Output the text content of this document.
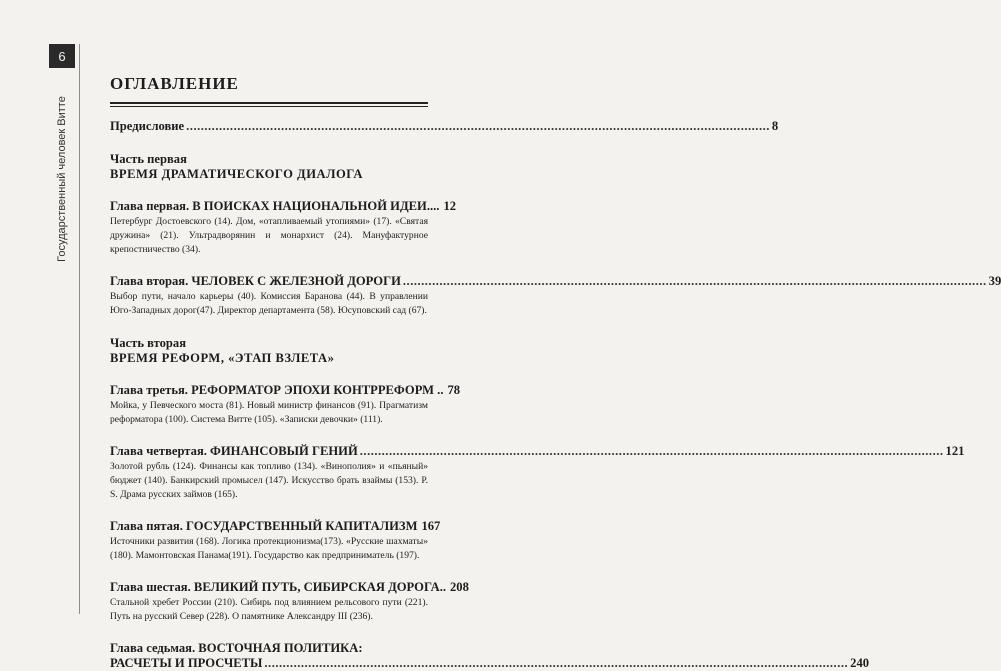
6
Государственный человек Витте
ОГЛАВЛЕНИЕ
Предисловие .....	8
Часть первая
ВРЕМЯ ДРАМАТИЧЕСКОГО ДИАЛОГА
Глава первая. В ПОИСКАХ НАЦИОНАЛЬНОЙ ИДЕИ.... 12
Петербург Достоевского (14). Дом, «отапливаемый утопиями» (17). «Святая дружина» (21). Ультрадворянин и монархист (24). Мануфактурное крепостничество (34).
Глава вторая. ЧЕЛОВЕК С ЖЕЛЕЗНОЙ ДОРОГИ .....	39
Выбор пути, начало карьеры (40). Комиссия Баранова (44). В управлении Юго-Западных дорог(47). Директор департамента (58). Юсуповский сад (67).
Часть вторая
ВРЕМЯ РЕФОРМ, «ЭТАП ВЗЛЕТА»
Глава третья. РЕФОРМАТОР ЭПОХИ КОНТРРЕФОРМ .. 78
Мойка, у Певческого моста (81). Новый министр финансов (91). Прагматизм реформатора (100). Система Витте (105). «Записки девочки» (111).
Глава четвертая. ФИНАНСОВЫЙ ГЕНИЙ .....	121
Золотой рубль (124). Финансы как топливо (134). «Винополия» и «пьяный» бюджет (140). Банкирский промысел (147). Искусство брать взаймы (153). P. S. Драма русских займов (165).
Глава пятая. ГОСУДАРСТВЕННЫЙ КАПИТАЛИЗМ 167
Источники развития (168). Логика протекционизма(173). «Русские шахматы» (180). Мамонтовская Панама(191). Государство как предприниматель (197).
Глава шестая. ВЕЛИКИЙ ПУТЬ, СИБИРСКАЯ ДОРОГА.. 208
Стальной хребет России (210). Сибирь под влиянием рельсового пути (221). Путь на русский Север (228). О памятнике Александру III (236).
Глава седьмая. ВОСТОЧНАЯ ПОЛИТИКА:
РАСЧЕТЫ И ПРОСЧЕТЫ .....	240
